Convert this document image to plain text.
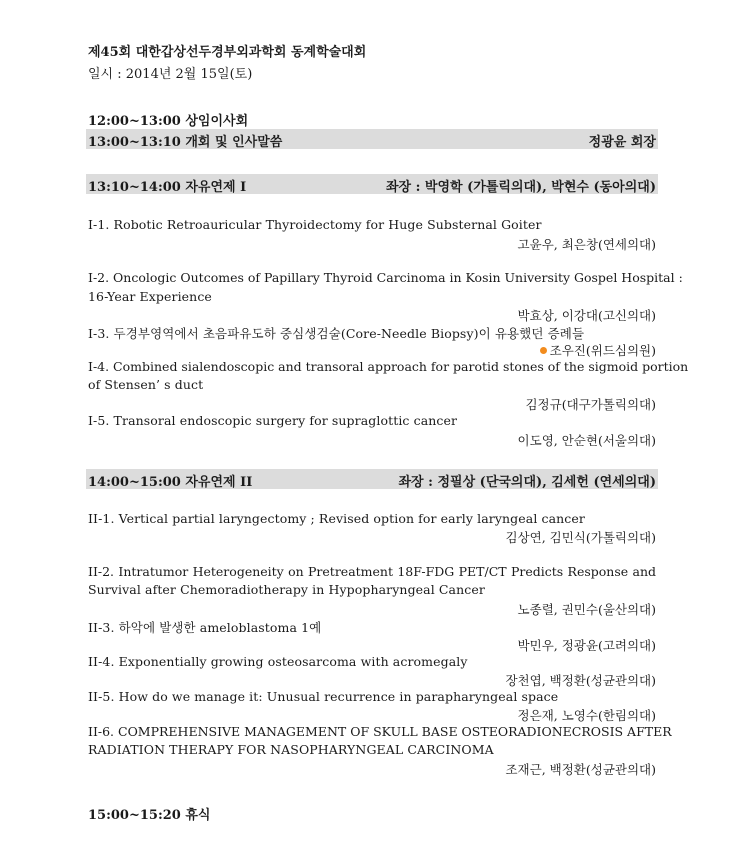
제45회 대한갑상선두경부외과학회 동계학술대회
일시 : 2014년 2월 15일(토)
12:00~13:00 상임이사회
13:00~13:10 개회 및 인사말씀	정광윤 회장
13:10~14:00 자유연제 I	좌장 : 박영학 (가톨릭의대), 박현수 (동아의대)
I-1. Robotic Retroauricular Thyroidectomy for Huge Substernal Goiter
고윤우, 최은창(연세의대)
I-2. Oncologic Outcomes of Papillary Thyroid Carcinoma in Kosin University Gospel Hospital :
16-Year Experience
박효상, 이강대(고신의대)
I-3. 두경부영역에서 초음파유도하 중심생검술(Core-Needle Biopsy)이 유용했던 증례들
조우진(위드심의원)
I-4. Combined sialendoscopic and transoral approach for parotid stones of the sigmoid portion
of Stensen’ s duct
김정규(대구가톨릭의대)
I-5. Transoral endoscopic surgery for supraglottic cancer
이도영, 안순현(서울의대)
14:00~15:00 자유연제 II	좌장 : 정필상 (단국의대), 김세헌 (연세의대)
II-1. Vertical partial laryngectomy ; Revised option for early laryngeal cancer
김상연, 김민식(가톨릭의대)
II-2. Intratumor Heterogeneity on Pretreatment 18F-FDG PET/CT Predicts Response and
Survival after Chemoradiotherapy in Hypopharyngeal Cancer
노종렬, 권민수(울산의대)
II-3. 하악에 발생한 ameloblastoma 1예
박민우, 정광윤(고려의대)
II-4. Exponentially growing osteosarcoma with acromegaly
장천엽, 백정환(성균관의대)
II-5. How do we manage it: Unusual recurrence in parapharyngeal space
정은재, 노영수(한림의대)
II-6. COMPREHENSIVE MANAGEMENT OF SKULL BASE OSTEORADIONECROSIS AFTER
RADIATION THERAPY FOR NASOPHARYNGEAL CARCINOMA
조재근, 백정환(성균관의대)
15:00~15:20 휴식
